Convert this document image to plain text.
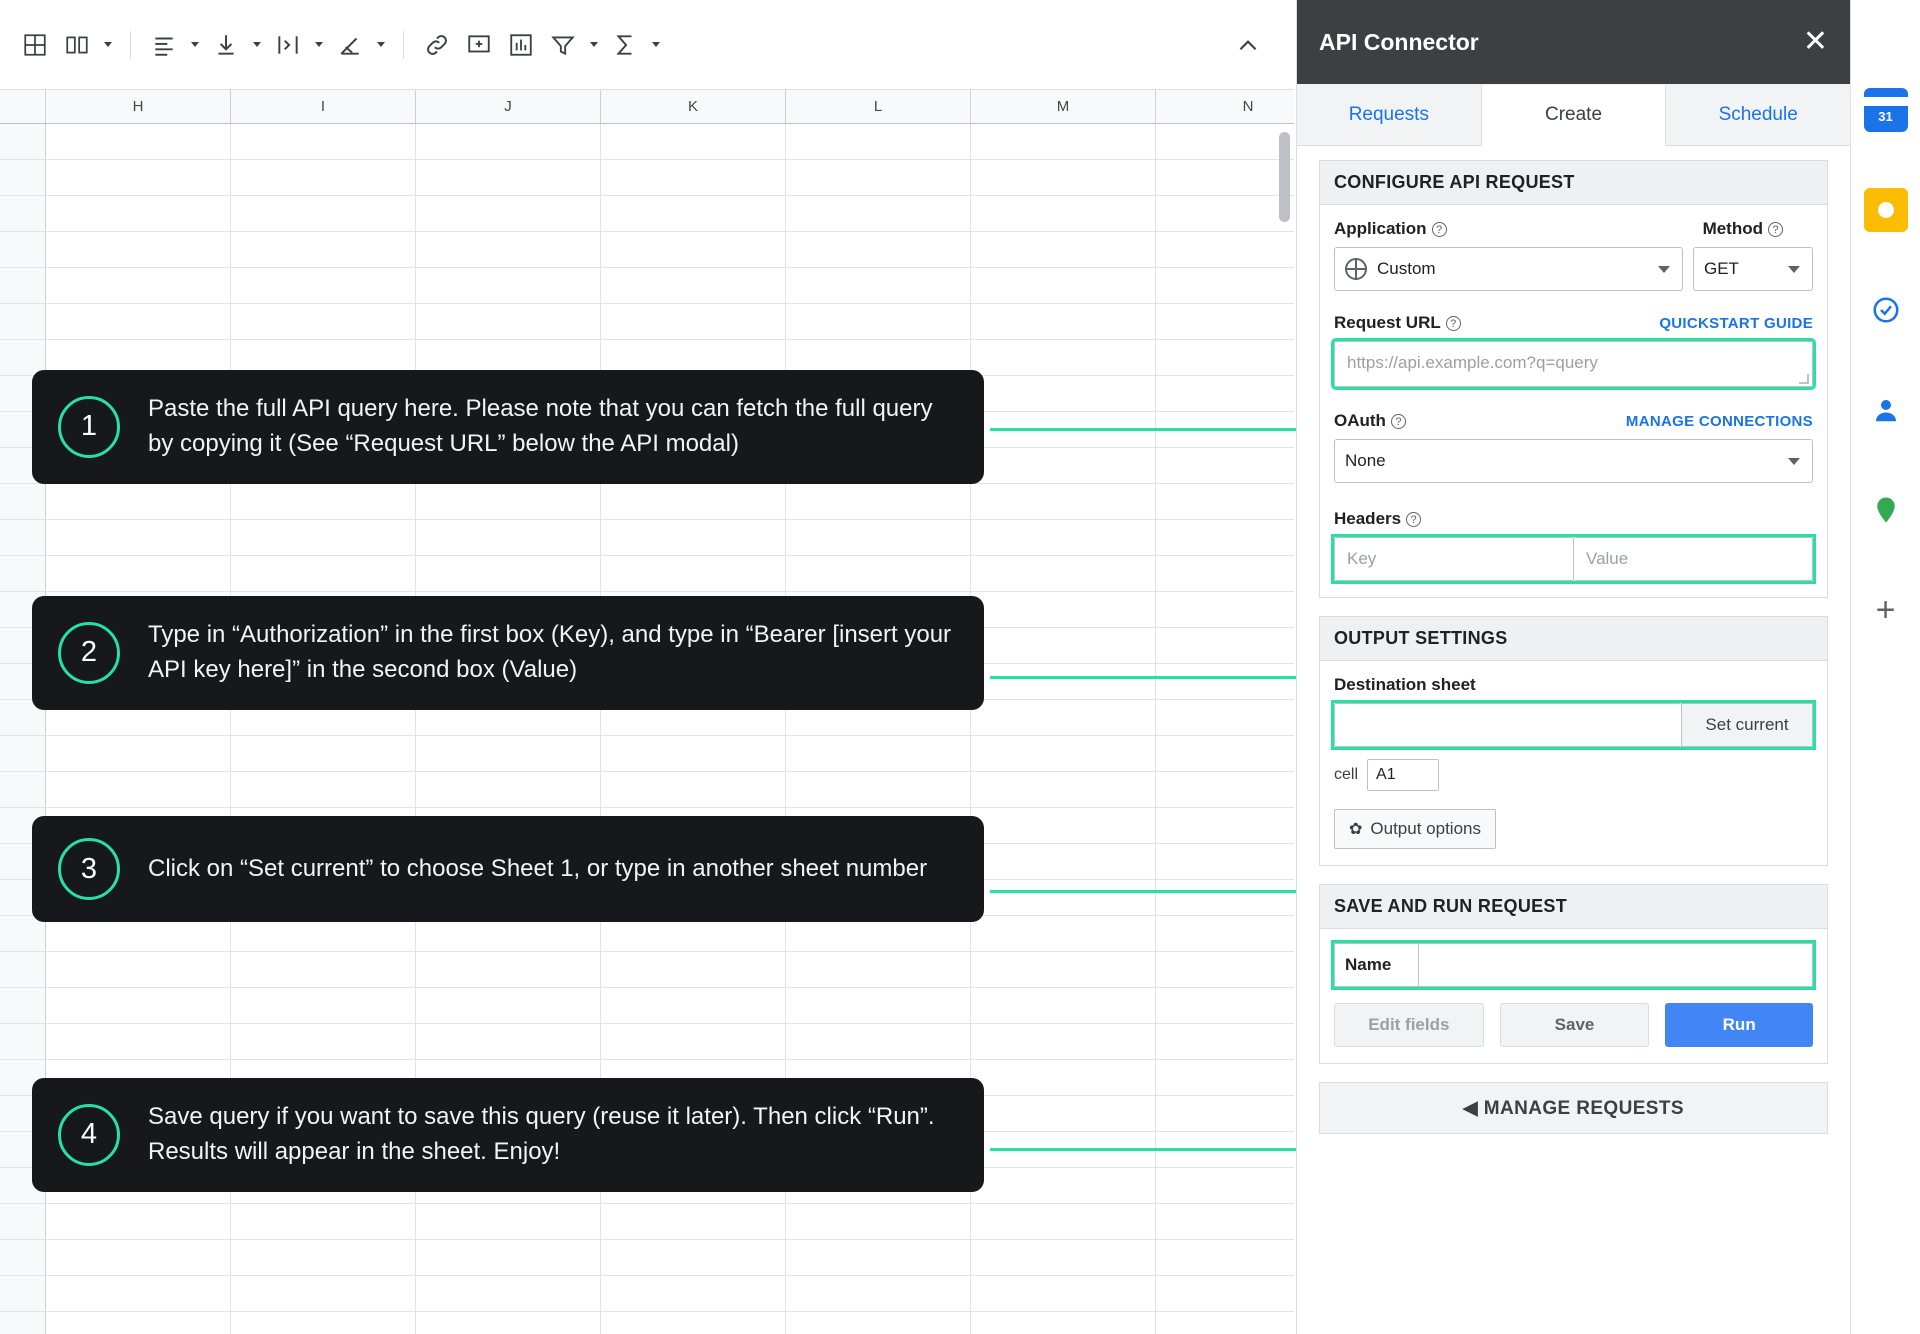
H	I	J	K	L	M	N
1
Paste the full API query here. Please note that you can fetch the full query by copying it (See “Request URL” below the API modal)
2
Type in “Authorization” in the first box (Key), and type in “Bearer [insert your API key here]” in the second box (Value)
3	Click on “Set current” to choose Sheet 1, or type in another sheet number
4
Save query if you want to save this query (reuse it later). Then click “Run”. Results will appear in the sheet. Enjoy!
API Connector	✕
Requests	Create	Schedule
CONFIGURE API REQUEST
Application ?	Method ?
Custom	GET
Request URL ?	QUICKSTART GUIDE
https://api.example.com?q=query
OAuth ?	MANAGE CONNECTIONS
None
Headers ?
Key	Value
OUTPUT SETTINGS
Destination sheet
Set current
cell	A1
✿ Output options
SAVE AND RUN REQUEST
Name
Edit fields	Save	Run
◀ MANAGE REQUESTS
31
+
